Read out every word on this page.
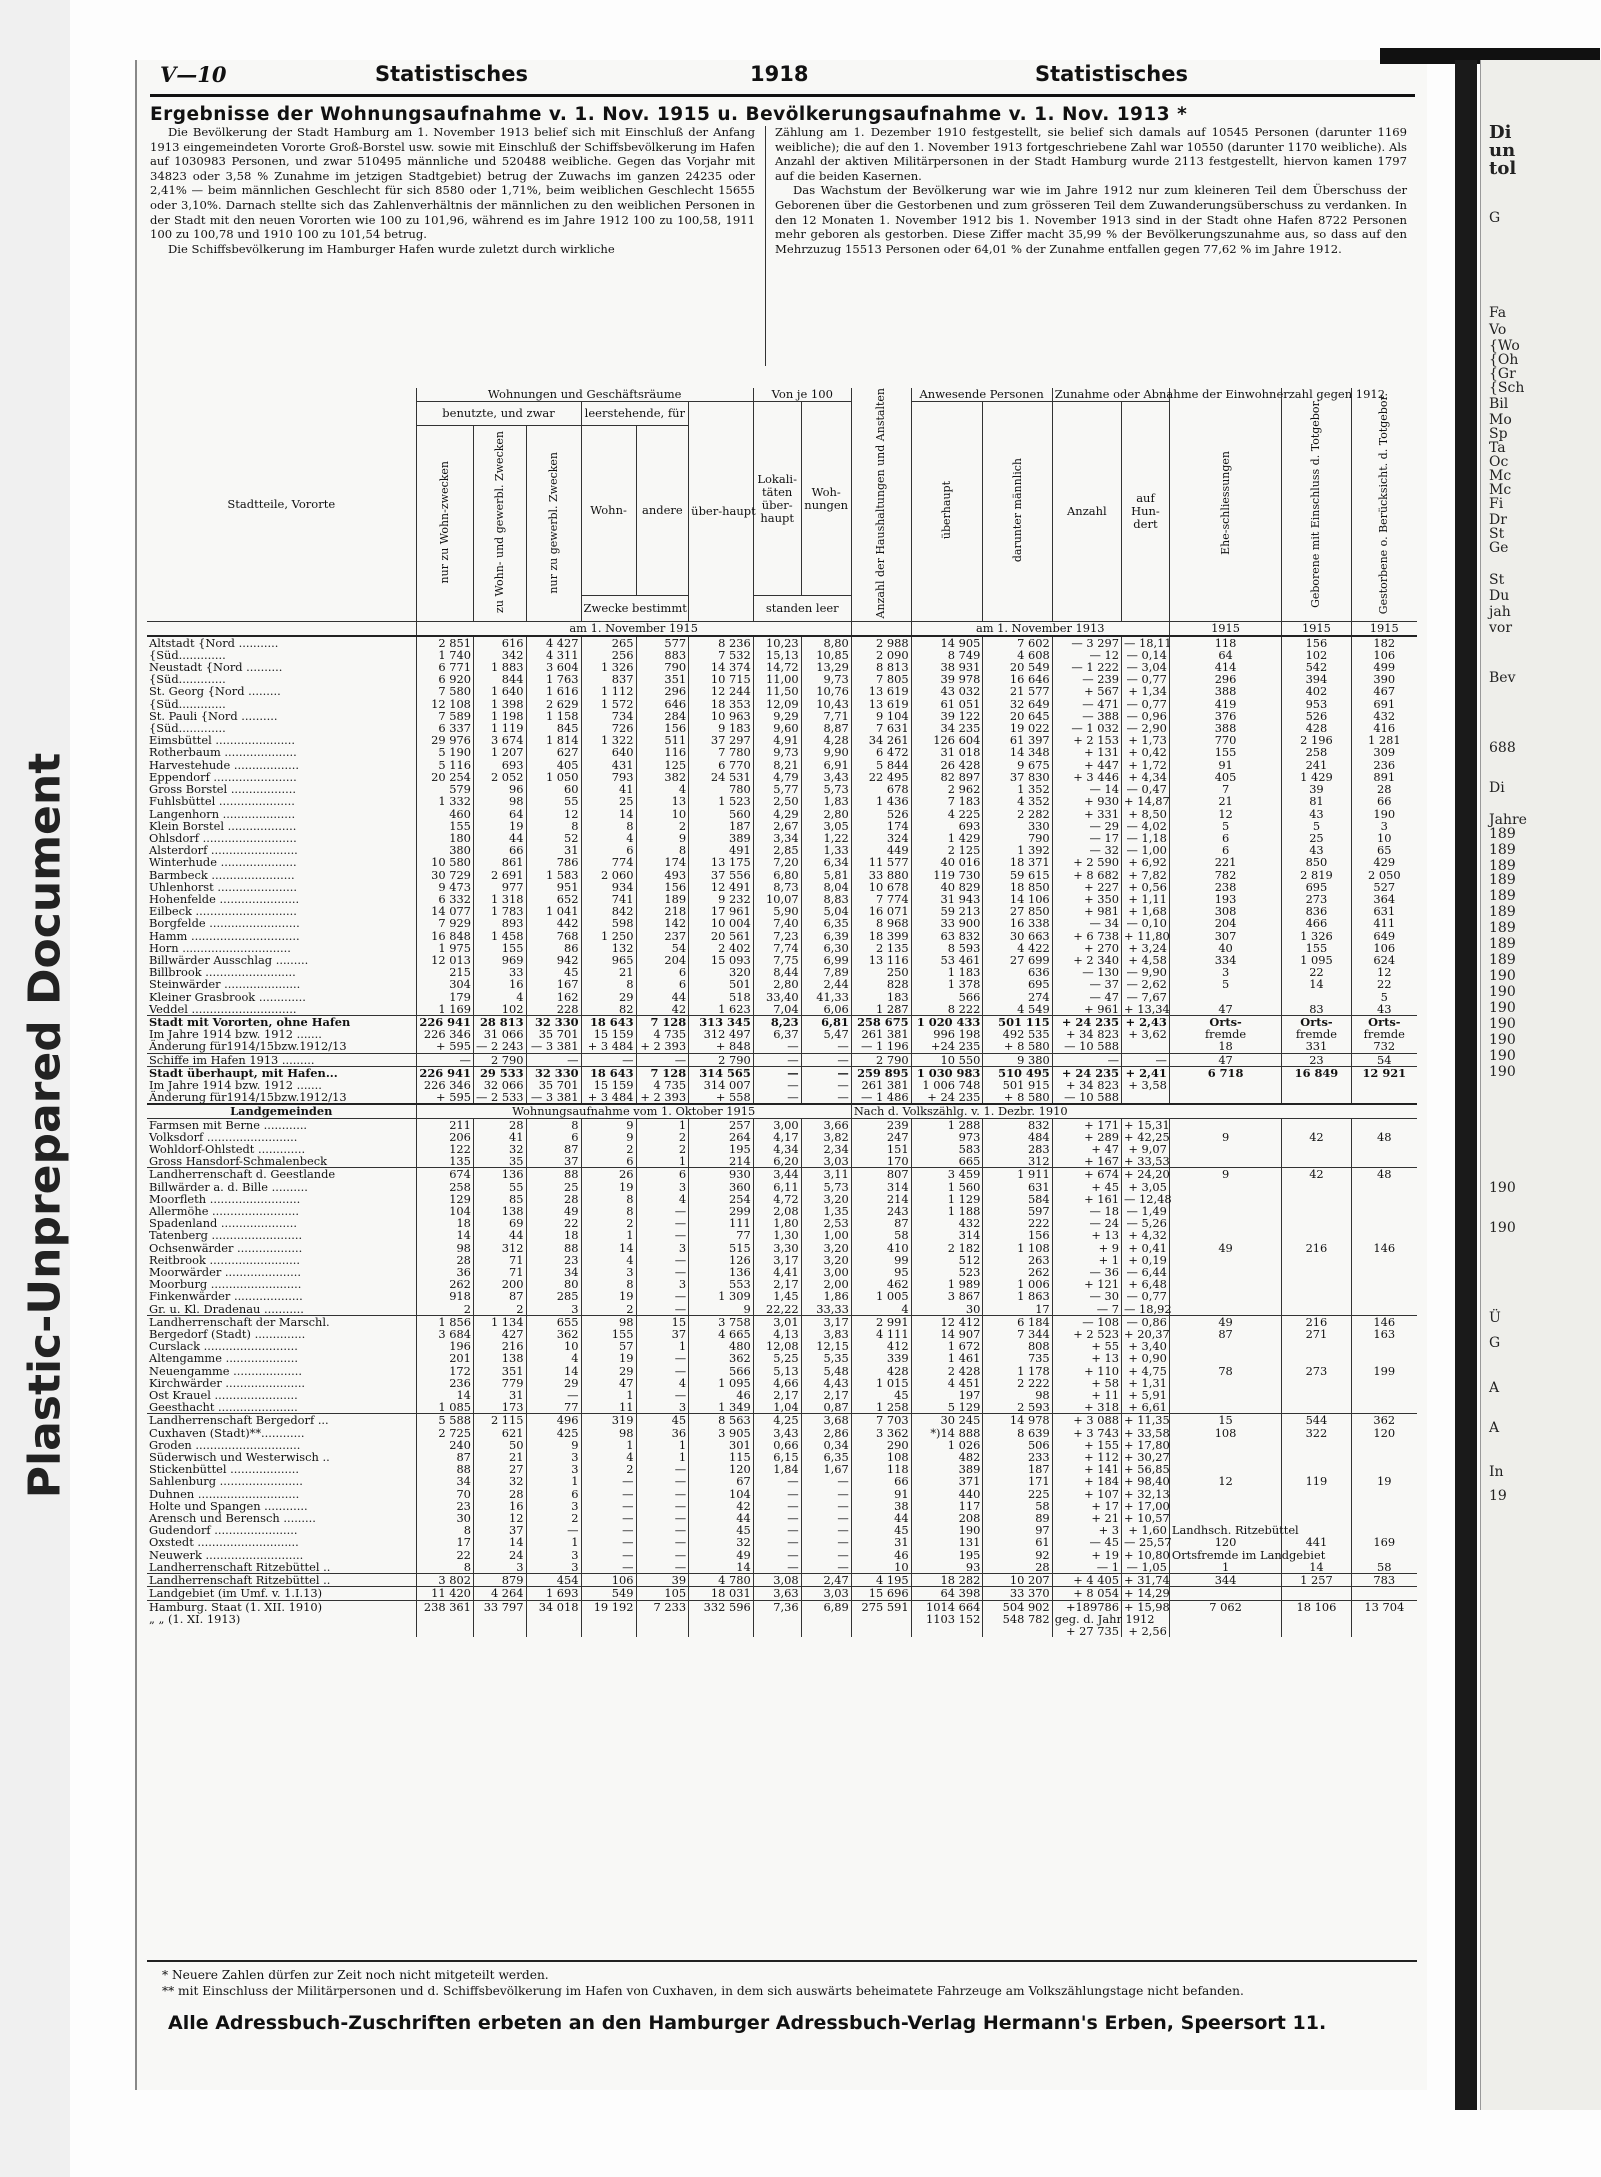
Plastic-Unprepared Document
Di
un
tol
G
Fa
Vo
{Wo
{Oh
{Gr
{Sch
Bil
Mo
Sp
Ta
Oc
Mc
Mc
Fi
Dr
St
Ge
St
Du
jah
vor
Bev
688
Di
Jahre
189
189
189
189
189
189
189
189
189
190
190
190
190
190
190
190
190
190
Ü
G
A
A
In
19
V—10	Statistisches	1918	Statistisches
Ergebnisse der Wohnungsaufnahme v. 1. Nov. 1915 u. Bevölkerungsaufnahme v. 1. Nov. 1913 *

Die Bevölkerung der Stadt Hamburg am 1. November 1913 belief sich mit Einschluß der Anfang 1913 eingemeindeten Vororte Groß-Borstel usw. sowie mit Einschluß der Schiffsbevölkerung im Hafen auf 1030983 Personen, und zwar 510495 männliche und 520488 weibliche. Gegen das Vorjahr mit 34823 oder 3,58 % Zunahme im jetzigen Stadtgebiet) betrug der Zuwachs im ganzen 24235 oder 2,41% — beim männlichen Geschlecht für sich 8580 oder 1,71%, beim weiblichen Geschlecht 15655 oder 3,10%. Darnach stellte sich das Zahlenverhältnis der männlichen zu den weiblichen Personen in der Stadt mit den neuen Vororten wie 100 zu 101,96, während es im Jahre 1912 100 zu 100,58, 1911 100 zu 100,78 und 1910 100 zu 101,54 betrug.

Die Schiffsbevölkerung im Hamburger Hafen wurde zuletzt durch wirkliche

Zählung am 1. Dezember 1910 festgestellt, sie belief sich damals auf 10545 Personen (darunter 1169 weibliche); die auf den 1. November 1913 fortgeschriebene Zahl war 10550 (darunter 1170 weibliche). Als Anzahl der aktiven Militärpersonen in der Stadt Hamburg wurde 2113 festgestellt, hiervon kamen 1797 auf die beiden Kasernen.

Das Wachstum der Bevölkerung war wie im Jahre 1912 nur zum kleineren Teil dem Überschuss der Geborenen über die Gestorbenen und zum grösseren Teil dem Zuwanderungsüberschuss zu verdanken. In den 12 Monaten 1. November 1912 bis 1. November 1913 sind in der Stadt ohne Hafen 8722 Personen mehr geboren als gestorben. Diese Ziffer macht 35,99 % der Bevölkerungszunahme aus, so dass auf den Mehrzuzug 15513 Personen oder 64,01 % der Zunahme entfallen gegen 77,62 % im Jahre 1912.

Stadtteile, Vororte	Wohnungen und Geschäftsräume						Von je 100		Anzahl der Haushaltungen und Anstalten	Anwesende Personen		Zunahme oder Abnahme der Einwohnerzahl gegen 1912		Ehe-schliessungen	Geborene mit Einschluss d. Totgebor.	Gestorbene o. Berücksicht. d. Totgebor.
	benutzte, und zwar			leerstehende, für		über-haupt	Lokali-täten über-haupt	Woh-nungen		überhaupt	darunter männlich	Anzahl	auf Hun-dert			
	nur zu Wohn-zwecken	zu Wohn- und gewerbl. Zwecken	nur zu gewerbl. Zwecken	Wohn-	andere											
				Zwecke bestimmt			standen leer									
	am 1. November 1915									am 1. November 1913				1915	1915	1915
Altstadt {Nord ...........	2 851	616	4 427	265	577	8 236	10,23	8,80	2 988	14 905	7 602	— 3 297	— 18,11	118	156	182
{Süd.............	1 740	342	4 311	256	883	7 532	15,13	10,85	2 090	8 749	4 608	— 12	— 0,14	64	102	106
Neustadt {Nord ..........	6 771	1 883	3 604	1 326	790	14 374	14,72	13,29	8 813	38 931	20 549	— 1 222	— 3,04	414	542	499
{Süd.............	6 920	844	1 763	837	351	10 715	11,00	9,73	7 805	39 978	16 646	— 239	— 0,77	296	394	390
St. Georg {Nord .........	7 580	1 640	1 616	1 112	296	12 244	11,50	10,76	13 619	43 032	21 577	+ 567	+ 1,34	388	402	467
{Süd.............	12 108	1 398	2 629	1 572	646	18 353	12,09	10,43	13 619	61 051	32 649	— 471	— 0,77	419	953	691
St. Pauli {Nord ..........	7 589	1 198	1 158	734	284	10 963	9,29	7,71	9 104	39 122	20 645	— 388	— 0,96	376	526	432
{Süd.............	6 337	1 119	845	726	156	9 183	9,60	8,87	7 631	34 235	19 022	— 1 032	— 2,90	388	428	416
Eimsbüttel ......................	29 976	3 674	1 814	1 322	511	37 297	4,91	4,28	34 261	126 604	61 397	+ 2 153	+ 1,73	770	2 196	1 281
Rotherbaum ....................	5 190	1 207	627	640	116	7 780	9,73	9,90	6 472	31 018	14 348	+ 131	+ 0,42	155	258	309
Harvestehude ..................	5 116	693	405	431	125	6 770	8,21	6,91	5 844	26 428	9 675	+ 447	+ 1,72	91	241	236
Eppendorf .......................	20 254	2 052	1 050	793	382	24 531	4,79	3,43	22 495	82 897	37 830	+ 3 446	+ 4,34	405	1 429	891
Gross Borstel ..................	579	96	60	41	4	780	5,77	5,73	678	2 962	1 352	— 14	— 0,47	7	39	28
Fuhlsbüttel .....................	1 332	98	55	25	13	1 523	2,50	1,83	1 436	7 183	4 352	+ 930	+ 14,87	21	81	66
Langenhorn ....................	460	64	12	14	10	560	4,29	2,80	526	4 225	2 282	+ 331	+ 8,50	12	43	190
Klein Borstel ...................	155	19	8	8	2	187	2,67	3,05	174	693	330	— 29	— 4,02	5	5	3
Ohlsdorf ..........................	180	44	52	4	9	389	3,34	1,22	324	1 429	790	— 17	— 1,18	6	25	10
Alsterdorf ........................	380	66	31	6	8	491	2,85	1,33	449	2 125	1 392	— 32	— 1,00	6	43	65
Winterhude .....................	10 580	861	786	774	174	13 175	7,20	6,34	11 577	40 016	18 371	+ 2 590	+ 6,92	221	850	429
Barmbeck .......................	30 729	2 691	1 583	2 060	493	37 556	6,80	5,81	33 880	119 730	59 615	+ 8 682	+ 7,82	782	2 819	2 050
Uhlenhorst ......................	9 473	977	951	934	156	12 491	8,73	8,04	10 678	40 829	18 850	+ 227	+ 0,56	238	695	527
Hohenfelde ......................	6 332	1 318	652	741	189	9 232	10,07	8,83	7 774	31 943	14 106	+ 350	+ 1,11	193	273	364
Eilbeck ............................	14 077	1 783	1 041	842	218	17 961	5,90	5,04	16 071	59 213	27 850	+ 981	+ 1,68	308	836	631
Borgfelde .........................	7 929	893	442	598	142	10 004	7,40	6,35	8 968	33 900	16 338	— 34	— 0,10	204	466	411
Hamm ..............................	16 848	1 458	768	1 250	237	20 561	7,23	6,39	18 399	63 832	30 663	+ 6 738	+ 11,80	307	1 326	649
Horn ..............................	1 975	155	86	132	54	2 402	7,74	6,30	2 135	8 593	4 422	+ 270	+ 3,24	40	155	106
Billwärder Ausschlag .........	12 013	969	942	965	204	15 093	7,75	6,99	13 116	53 461	27 699	+ 2 340	+ 4,58	334	1 095	624
Billbrook .........................	215	33	45	21	6	320	8,44	7,89	250	1 183	636	— 130	— 9,90	3	22	12
Steinwärder .....................	304	16	167	8	6	501	2,80	2,44	828	1 378	695	— 37	— 2,62	5	14	22
Kleiner Grasbrook .............	179	4	162	29	44	518	33,40	41,33	183	566	274	— 47	— 7,67			5
Veddel .............................	1 169	102	228	82	42	1 623	7,04	6,06	1 287	8 222	4 549	+ 961	+ 13,34	47	83	43
Stadt mit Vororten, ohne Hafen	226 941	28 813	32 330	18 643	7 128	313 345	8,23	6,81	258 675	1 020 433	501 115	+ 24 235	+ 2,43	Orts-	Orts-	Orts-
Im Jahre 1914 bzw. 1912 .......	226 346	31 066	35 701	15 159	4 735	312 497	6,37	5,47	261 381	996 198	492 535	+ 34 823	+ 3,62	fremde	fremde	fremde
Änderung für1914/15bzw.1912/13	+ 595	— 2 243	— 3 381	+ 3 484	+ 2 393	+ 848	—	—	— 1 196	+24 235	+ 8 580	— 10 588		18	331	732
Schiffe im Hafen 1913 .........	—	2 790	—	—	—	2 790	—	—	2 790	10 550	9 380	—	—	47	23	54
Stadt überhaupt, mit Hafen...	226 941	29 533	32 330	18 643	7 128	314 565	—	—	259 895	1 030 983	510 495	+ 24 235	+ 2,41	6 718	16 849	12 921
Im Jahre 1914 bzw. 1912 .......	226 346	32 066	35 701	15 159	4 735	314 007	—	—	261 381	1 006 748	501 915	+ 34 823	+ 3,58			
Änderung für1914/15bzw.1912/13	+ 595	— 2 533	— 3 381	+ 3 484	+ 2 393	+ 558	—	—	— 1 486	+ 24 235	+ 8 580	— 10 588				
Landgemeinden	Wohnungsaufnahme vom 1. Oktober 1915								Nach d. Volkszählg. v. 1. Dezbr. 1910							
Farmsen mit Berne ............	211	28	8	9	1	257	3,00	3,66	239	1 288	832	+ 171	+ 15,31			
Volksdorf .........................	206	41	6	9	2	264	4,17	3,82	247	973	484	+ 289	+ 42,25	9	42	48
Wohldorf-Ohlstedt .............	122	32	87	2	2	195	4,34	2,34	151	583	283	+ 47	+ 9,07			
Gross Hansdorf-Schmalenbeck	135	35	37	6	1	214	6,20	3,03	170	665	312	+ 167	+ 33,53			
Landherrenschaft d. Geestlande	674	136	88	26	6	930	3,44	3,11	807	3 459	1 911	+ 674	+ 24,20	9	42	48
Billwärder a. d. Bille ..........	258	55	25	19	3	360	6,11	5,73	314	1 560	631	+ 45	+ 3,05			
Moorfleth .........................	129	85	28	8	4	254	4,72	3,20	214	1 129	584	+ 161	— 12,48			
Allermöhe ........................	104	138	49	8	—	299	2,08	1,35	243	1 188	597	— 18	— 1,49			
Spadenland .....................	18	69	22	2	—	111	1,80	2,53	87	432	222	— 24	— 5,26			
Tatenberg .........................	14	44	18	1	—	77	1,30	1,00	58	314	156	+ 13	+ 4,32			
Ochsenwärder ..................	98	312	88	14	3	515	3,30	3,20	410	2 182	1 108	+ 9	+ 0,41	49	216	146
Reitbrook .........................	28	71	23	4	—	126	3,17	3,20	99	512	263	+ 1	+ 0,19			
Moorwärder .....................	36	71	34	3	—	136	4,41	3,00	95	523	262	— 36	— 6,44			
Moorburg .........................	262	200	80	8	3	553	2,17	2,00	462	1 989	1 006	+ 121	+ 6,48			
Finkenwärder ...................	918	87	285	19	—	1 309	1,45	1,86	1 005	3 867	1 863	— 30	— 0,77			
Gr. u. Kl. Dradenau ...........	2	2	3	2	—	9	22,22	33,33	4	30	17	— 7	— 18,92			
Landherrenschaft der Marschl.	1 856	1 134	655	98	15	3 758	3,01	3,17	2 991	12 412	6 184	— 108	— 0,86	49	216	146
Bergedorf (Stadt) ..............	3 684	427	362	155	37	4 665	4,13	3,83	4 111	14 907	7 344	+ 2 523	+ 20,37	87	271	163
Curslack ..........................	196	216	10	57	1	480	12,08	12,15	412	1 672	808	+ 55	+ 3,40			
Altengamme ....................	201	138	4	19	—	362	5,25	5,35	339	1 461	735	+ 13	+ 0,90			
Neuengamme ...................	172	351	14	29	—	566	5,13	5,48	428	2 428	1 178	+ 110	+ 4,75	78	273	199
Kirchwärder ......................	236	779	29	47	4	1 095	4,66	4,43	1 015	4 451	2 222	+ 58	+ 1,31			
Ost Krauel .......................	14	31	—	1	—	46	2,17	2,17	45	197	98	+ 11	+ 5,91			
Geesthacht ......................	1 085	173	77	11	3	1 349	1,04	0,87	1 258	5 129	2 593	+ 318	+ 6,61			
Landherrenschaft Bergedorf ...	5 588	2 115	496	319	45	8 563	4,25	3,68	7 703	30 245	14 978	+ 3 088	+ 11,35	15	544	362
Cuxhaven (Stadt)**............	2 725	621	425	98	36	3 905	3,43	2,86	3 362	*)14 888	8 639	+ 3 743	+ 33,58	108	322	120
Groden .............................	240	50	9	1	1	301	0,66	0,34	290	1 026	506	+ 155	+ 17,80			
Süderwisch und Westerwisch ..	87	21	3	4	1	115	6,15	6,35	108	482	233	+ 112	+ 30,27			
Stickenbüttel ...................	88	27	3	2	—	120	1,84	1,67	118	389	187	+ 141	+ 56,85			
Sahlenburg .......................	34	32	1	—	—	67	—	—	66	371	171	+ 184	+ 98,40	12	119	19
Duhnen ............................	70	28	6	—	—	104	—	—	91	440	225	+ 107	+ 32,13			
Holte und Spangen ............	23	16	3	—	—	42	—	—	38	117	58	+ 17	+ 17,00			
Arensch und Berensch .........	30	12	2	—	—	44	—	—	44	208	89	+ 21	+ 10,57			
Gudendorf .......................	8	37	—	—	—	45	—	—	45	190	97	+ 3	+ 1,60	Landhsch. Ritzebüttel		
Oxstedt ............................	17	14	1	—	—	32	—	—	31	131	61	— 45	— 25,57	120	441	169
Neuwerk ...........................	22	24	3	—	—	49	—	—	46	195	92	+ 19	+ 10,80	Ortsfremde im Landgebiet		
Landherrenschaft Ritzebüttel ..	8	3	3	—	—	14	—	—	10	93	28	— 1	— 1,05	1	14	58
Landherrenschaft Ritzebüttel ..	3 802	879	454	106	39	4 780	3,08	2,47	4 195	18 282	10 207	+ 4 405	+ 31,74	344	1 257	783
Landgebiet (im Umf. v. 1.I.13)	11 420	4 264	1 693	549	105	18 031	3,63	3,03	15 696	64 398	33 370	+ 8 054	+ 14,29			
Hamburg. Staat (1. XII. 1910)	238 361	33 797	34 018	19 192	7 233	332 596	7,36	6,89	275 591	1014 664	504 902	+189786	+ 15,98	7 062	18 106	13 704
„ „ (1. XI. 1913)										1103 152	548 782	geg. d. Jahr 1912				
												+ 27 735	+ 2,56			
* Neuere Zahlen dürfen zur Zeit noch nicht mitgeteilt werden.
** mit Einschluss der Militärpersonen und d. Schiffsbevölkerung im Hafen von Cuxhaven, in dem sich auswärts beheimatete Fahrzeuge am Volkszählungstage nicht befanden.
Alle Adressbuch-Zuschriften erbeten an den Hamburger Adressbuch-Verlag Hermann's Erben, Speersort 11.
